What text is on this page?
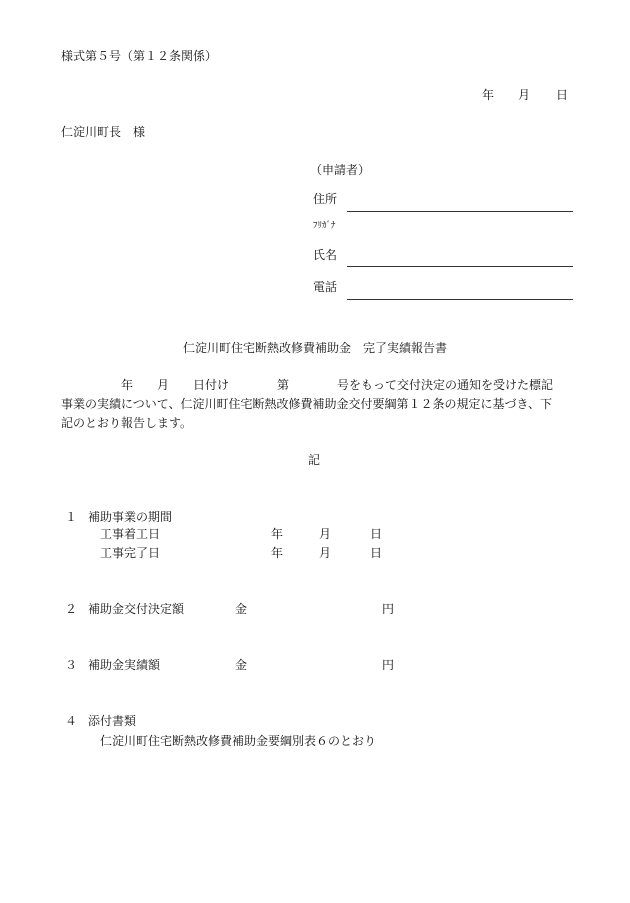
様式第５号（第１２条関係）
年 月 日
仁淀川町長　様
（申請者）
住所
ﾌﾘｶﾞﾅ
氏名
電話
仁淀川町住宅断熱改修費補助金　完了実績報告書
　　　　　年　　月　　日付け　　　　第　　　　号をもって交付決定の通知を受けた標記
事業の実績について、仁淀川町住宅断熱改修費補助金交付要綱第１２条の規定に基づき、下
記のとおり報告します。
記
１ 補助事業の期間
工事着工日	年	月	日
工事完了日	年	月	日
２ 補助金交付決定額	金	円
３ 補助金実績額	金	円
４ 添付書類
仁淀川町住宅断熱改修費補助金要綱別表６のとおり
